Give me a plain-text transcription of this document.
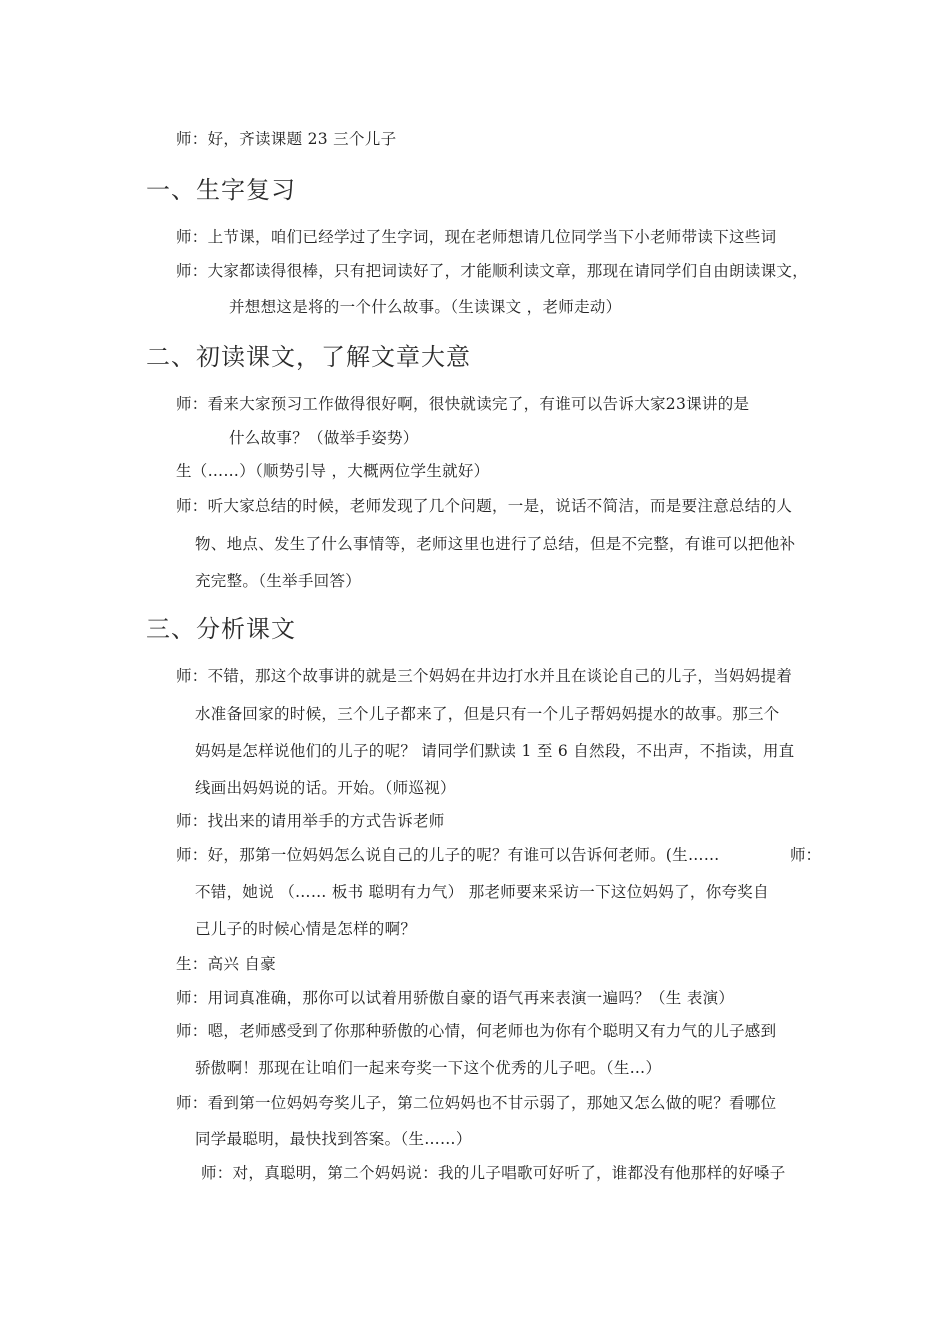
师：好，齐读课题 23 三个儿子
一、生字复习
师：上节课，咱们已经学过了生字词，现在老师想请几位同学当下小老师带读下这些词
师：大家都读得很棒，只有把词读好了，才能顺利读文章，那现在请同学们自由朗读课文，
并想想这是将的一个什么故事。（生读课文 ，老师走动）
二、初读课文，了解文章大意
师：看来大家预习工作做得很好啊，很快就读完了，有谁可以告诉大家23课讲的是
什么故事？（做举手姿势）
生（……）（顺势引导 ，大概两位学生就好）
师：听大家总结的时候，老师发现了几个问题，一是，说话不简洁，而是要注意总结的人
物、地点、发生了什么事情等，老师这里也进行了总结，但是不完整，有谁可以把他补
充完整。（生举手回答）
三、分析课文
师：不错，那这个故事讲的就是三个妈妈在井边打水并且在谈论自己的儿子，当妈妈提着
水准备回家的时候，三个儿子都来了，但是只有一个儿子帮妈妈提水的故事。那三个
妈妈是怎样说他们的儿子的呢？ 请同学们默读 1 至 6 自然段，不出声，不指读，用直
线画出妈妈说的话。开始。（师巡视）
师：找出来的请用举手的方式告诉老师
师：好，那第一位妈妈怎么说自己的儿子的呢？有谁可以告诉何老师。(生……	师：
不错，她说 （…… 板书 聪明有力气） 那老师要来采访一下这位妈妈了，你夸奖自
己儿子的时候心情是怎样的啊？
生：高兴 自豪
师：用词真准确，那你可以试着用骄傲自豪的语气再来表演一遍吗？（生 表演）
师：嗯，老师感受到了你那种骄傲的心情，何老师也为你有个聪明又有力气的儿子感到
骄傲啊！那现在让咱们一起来夸奖一下这个优秀的儿子吧。（生…）
师：看到第一位妈妈夸奖儿子，第二位妈妈也不甘示弱了，那她又怎么做的呢？看哪位
同学最聪明，最快找到答案。（生……）
师：对，真聪明，第二个妈妈说：我的儿子唱歌可好听了，谁都没有他那样的好嗓子
